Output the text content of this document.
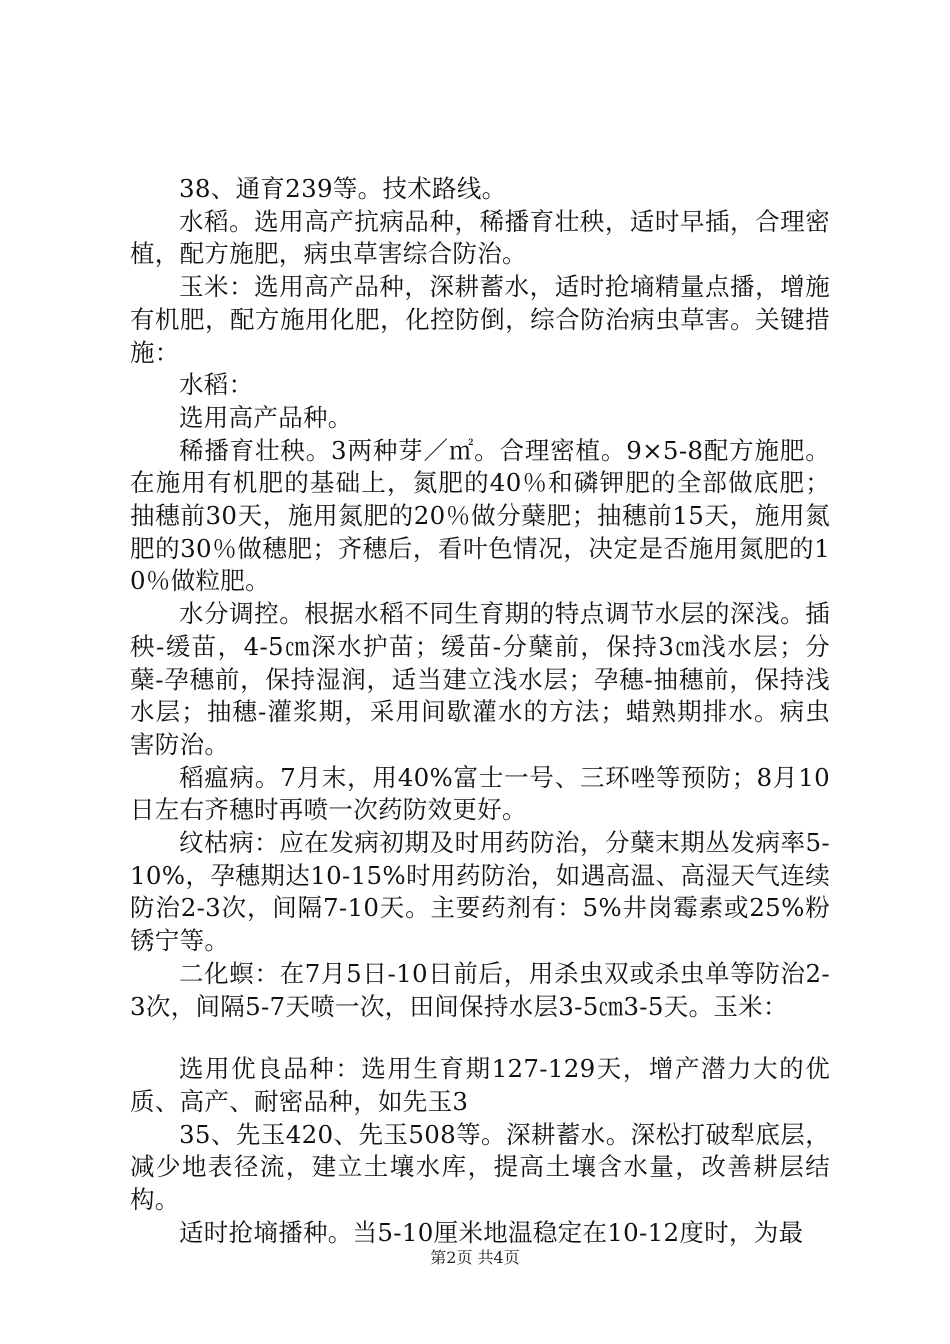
38、通育239等。技术路线。

水稻。选用高产抗病品种，稀播育壮秧，适时早插，合理密植，配方施肥，病虫草害综合防治。

玉米：选用高产品种，深耕蓄水，适时抢墒精量点播，增施有机肥，配方施用化肥，化控防倒，综合防治病虫草害。关键措施：

水稻：

选用高产品种。

稀播育壮秧。3两种芽／㎡。合理密植。9×5-8配方施肥。在施用有机肥的基础上，氮肥的40％和磷钾肥的全部做底肥；抽穗前30天，施用氮肥的20％做分蘖肥；抽穗前15天，施用氮肥的30％做穗肥；齐穗后，看叶色情况，决定是否施用氮肥的10％做粒肥。

水分调控。根据水稻不同生育期的特点调节水层的深浅。插秧-缓苗，4-5㎝深水护苗；缓苗-分蘖前，保持3㎝浅水层；分蘖-孕穗前，保持湿润，适当建立浅水层；孕穗-抽穗前，保持浅水层；抽穗-灌浆期，采用间歇灌水的方法；蜡熟期排水。病虫害防治。

稻瘟病。7月末，用40%富士一号、三环唑等预防；8月10日左右齐穗时再喷一次药防效更好。

纹枯病：应在发病初期及时用药防治，分蘖末期丛发病率5-10%，孕穗期达10-15%时用药防治，如遇高温、高湿天气连续防治2-3次，间隔7-10天。主要药剂有：5%井岗霉素或25%粉锈宁等。

二化螟：在7月5日-10日前后，用杀虫双或杀虫单等防治2-3次，间隔5-7天喷一次，田间保持水层3-5㎝3-5天。玉米：

选用优良品种：选用生育期127-129天，增产潜力大的优质、高产、耐密品种，如先玉3

35、先玉420、先玉508等。深耕蓄水。深松打破犁底层，减少地表径流，建立土壤水库，提高土壤含水量，改善耕层结构。

适时抢墒播种。当5-10厘米地温稳定在10-12度时，为最

第2页 共4页
